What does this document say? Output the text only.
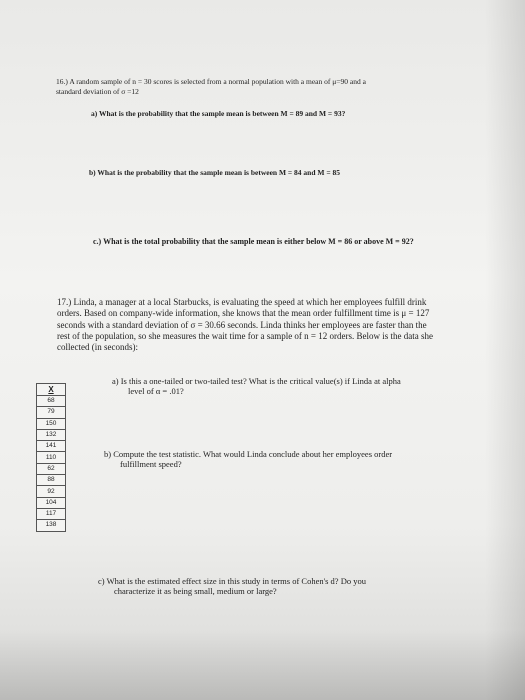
16.) A random sample of n = 30 scores is selected from a normal population with a mean of μ=90 and a
standard deviation of σ =12
a) What is the probability that the sample mean is between M = 89 and M = 93?
b) What is the probability that the sample mean is between M = 84 and M = 85
c.) What is the total probability that the sample mean is either below M = 86 or above M = 92?
17.) Linda, a manager at a local Starbucks, is evaluating the speed at which her employees fulfill drink
orders. Based on company-wide information, she knows that the mean order fulfillment time is μ = 127
seconds with a standard deviation of σ = 30.66 seconds. Linda thinks her employees are faster than the
rest of the population, so she measures the wait time for a sample of n = 12 orders. Below is the data she
collected (in seconds):
X
68
79
150
132
141
110
62
88
92
104
117
138
a) Is this a one-tailed or two-tailed test? What is the critical value(s) if Linda at alpha
level of α = .01?
b) Compute the test statistic. What would Linda conclude about her employees order
fulfillment speed?
c) What is the estimated effect size in this study in terms of Cohen's d? Do you
characterize it as being small, medium or large?
